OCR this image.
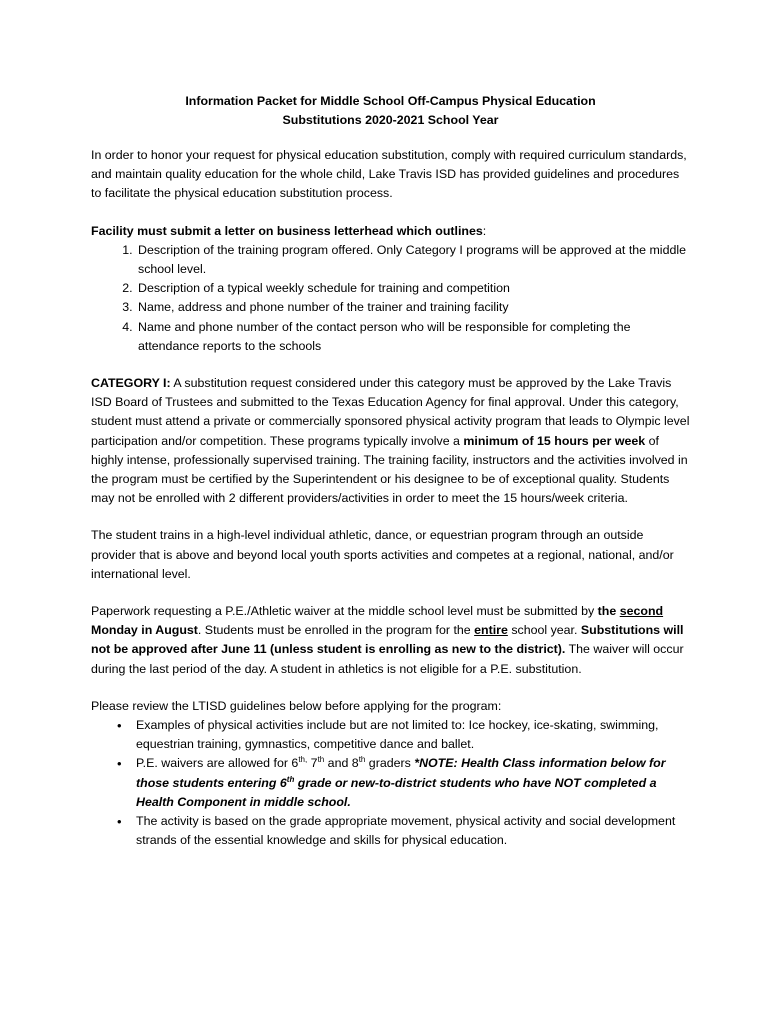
Information Packet for Middle School Off-Campus Physical Education
Substitutions 2020-2021 School Year

In order to honor your request for physical education substitution, comply with required curriculum standards, and maintain quality education for the whole child, Lake Travis ISD has provided guidelines and procedures to facilitate the physical education substitution process.

Facility must submit a letter on business letterhead which outlines:

1. Description of the training program offered. Only Category I programs will be approved at the middle school level.
2. Description of a typical weekly schedule for training and competition
3. Name, address and phone number of the trainer and training facility
4. Name and phone number of the contact person who will be responsible for completing the attendance reports to the schools

CATEGORY I: A substitution request considered under this category must be approved by the Lake Travis ISD Board of Trustees and submitted to the Texas Education Agency for final approval. Under this category, student must attend a private or commercially sponsored physical activity program that leads to Olympic level participation and/or competition. These programs typically involve a minimum of 15 hours per week of highly intense, professionally supervised training. The training facility, instructors and the activities involved in the program must be certified by the Superintendent or his designee to be of exceptional quality. Students may not be enrolled with 2 different providers/activities in order to meet the 15 hours/week criteria.

The student trains in a high-level individual athletic, dance, or equestrian program through an outside provider that is above and beyond local youth sports activities and competes at a regional, national, and/or international level.

Paperwork requesting a P.E./Athletic waiver at the middle school level must be submitted by the second Monday in August. Students must be enrolled in the program for the entire school year. Substitutions will not be approved after June 11 (unless student is enrolling as new to the district). The waiver will occur during the last period of the day. A student in athletics is not eligible for a P.E. substitution.

Please review the LTISD guidelines below before applying for the program:

• Examples of physical activities include but are not limited to: Ice hockey, ice-skating, swimming, equestrian training, gymnastics, competitive dance and ballet.
• P.E. waivers are allowed for $6^{th,}$ 7th and 8th graders *NOTE: Health Class information below for those students entering 6th grade or new-to-district students who have NOT completed a Health Component in middle school.
• The activity is based on the grade appropriate movement, physical activity and social development strands of the essential knowledge and skills for physical education.
